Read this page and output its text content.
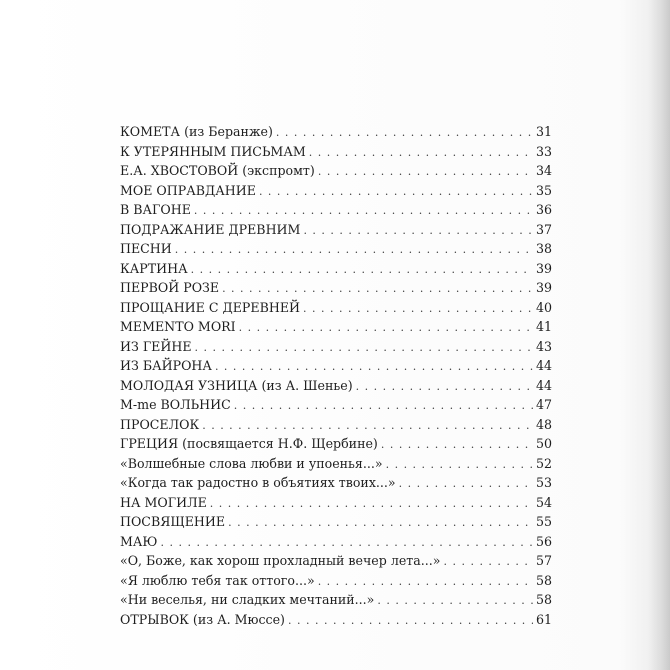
КОМЕТА (из Беранже) . . .	31
К УТЕРЯННЫМ ПИСЬМАМ . . .	33
Е.А. ХВОСТОВОЙ (экспромт) . . .	34
МОЕ ОПРАВДАНИЕ . . .	35
В ВАГОНЕ . . .	36
ПОДРАЖАНИЕ ДРЕВНИМ . . .	37
ПЕСНИ . . .	38
КАРТИНА . . .	39
ПЕРВОЙ РОЗЕ . . .	39
ПРОЩАНИЕ С ДЕРЕВНЕЙ . . .	40
MEMENTO MORI . . .	41
ИЗ ГЕЙНЕ . . .	43
ИЗ БАЙРОНА . . .	44
МОЛОДАЯ УЗНИЦА (из А. Шенье) . . .	44
M-me ВОЛЬНИС . . .	47
ПРОСЕЛОК . . .	48
ГРЕЦИЯ (посвящается Н.Ф. Щербине) . . .	50
«Волшебные слова любви и упоенья...» . . .	52
«Когда так радостно в объятиях твоих...» . . .	53
НА МОГИЛЕ . . .	54
ПОСВЯЩЕНИЕ . . .	55
МАЮ . . .	56
«О, Боже, как хорош прохладный вечер лета...» . . .	57
«Я люблю тебя так оттого...» . . .	58
«Ни веселья, ни сладких мечтаний...» . . .	58
ОТРЫВОК (из А. Мюссе) . . .	61
